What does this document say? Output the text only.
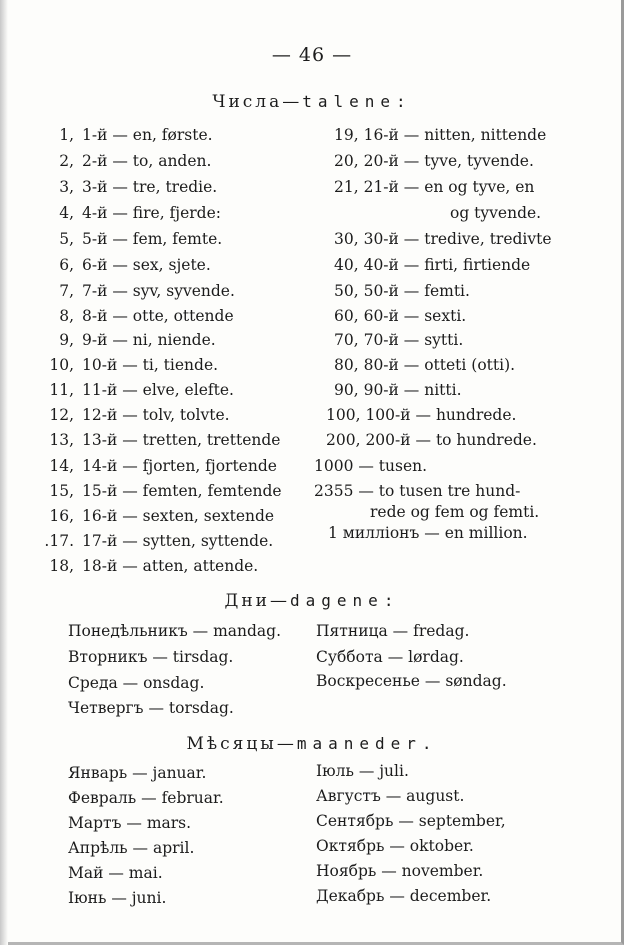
— 46 —
Числа—talene:
1, 1-й — en, første.
2, 2-й — to, anden.
3, 3-й — tre, tredie.
4, 4-й — fire, fjerde:
5, 5-й — fem, femte.
6, 6-й — sex, sjete.
7, 7-й — syv, syvende.
8, 8-й — otte, ottende
9, 9-й — ni, niende.
10, 10-й — ti, tiende.
11, 11-й — elve, elefte.
12, 12-й — tolv, tolvte.
13, 13-й — tretten, trettende
14, 14-й — fjorten, fjortende
15, 15-й — femten, femtende
16, 16-й — sexten, sextende
.17. 17-й — sytten, syttende.
18, 18-й — atten, attende.
19, 16-й — nitten, nittende
20, 20-й — tyve, tyvende.
21, 21-й — en og tyve, en
og tyvende.
30, 30-й — tredive, tredivte
40, 40-й — firti, firtiende
50, 50-й — femti.
60, 60-й — sexti.
70, 70-й — sytti.
80, 80-й — otteti (otti).
90, 90-й — nitti.
100, 100-й — hundrede.
200, 200-й — to hundrede.
1000 — tusen.
2355 — to tusen tre hund-
rede og fem og femti.
1 милліонъ — en million.
Дни—dagene:
Понедѣльникъ — mandag.
Вторникъ — tirsdag.
Среда — onsdag.
Четвергъ — torsdag.
Пятница — fredag.
Суббота — lørdag.
Воскресенье — søndag.
Мѣсяцы—maaneder.
Январь — januar.
Февраль — februar.
Мартъ — mars.
Апрѣль — april.
Май — mai.
Іюнь — juni.
Іюль — juli.
Августъ — august.
Сентябрь — september,
Октябрь — oktober.
Ноябрь — november.
Декабрь — december.
